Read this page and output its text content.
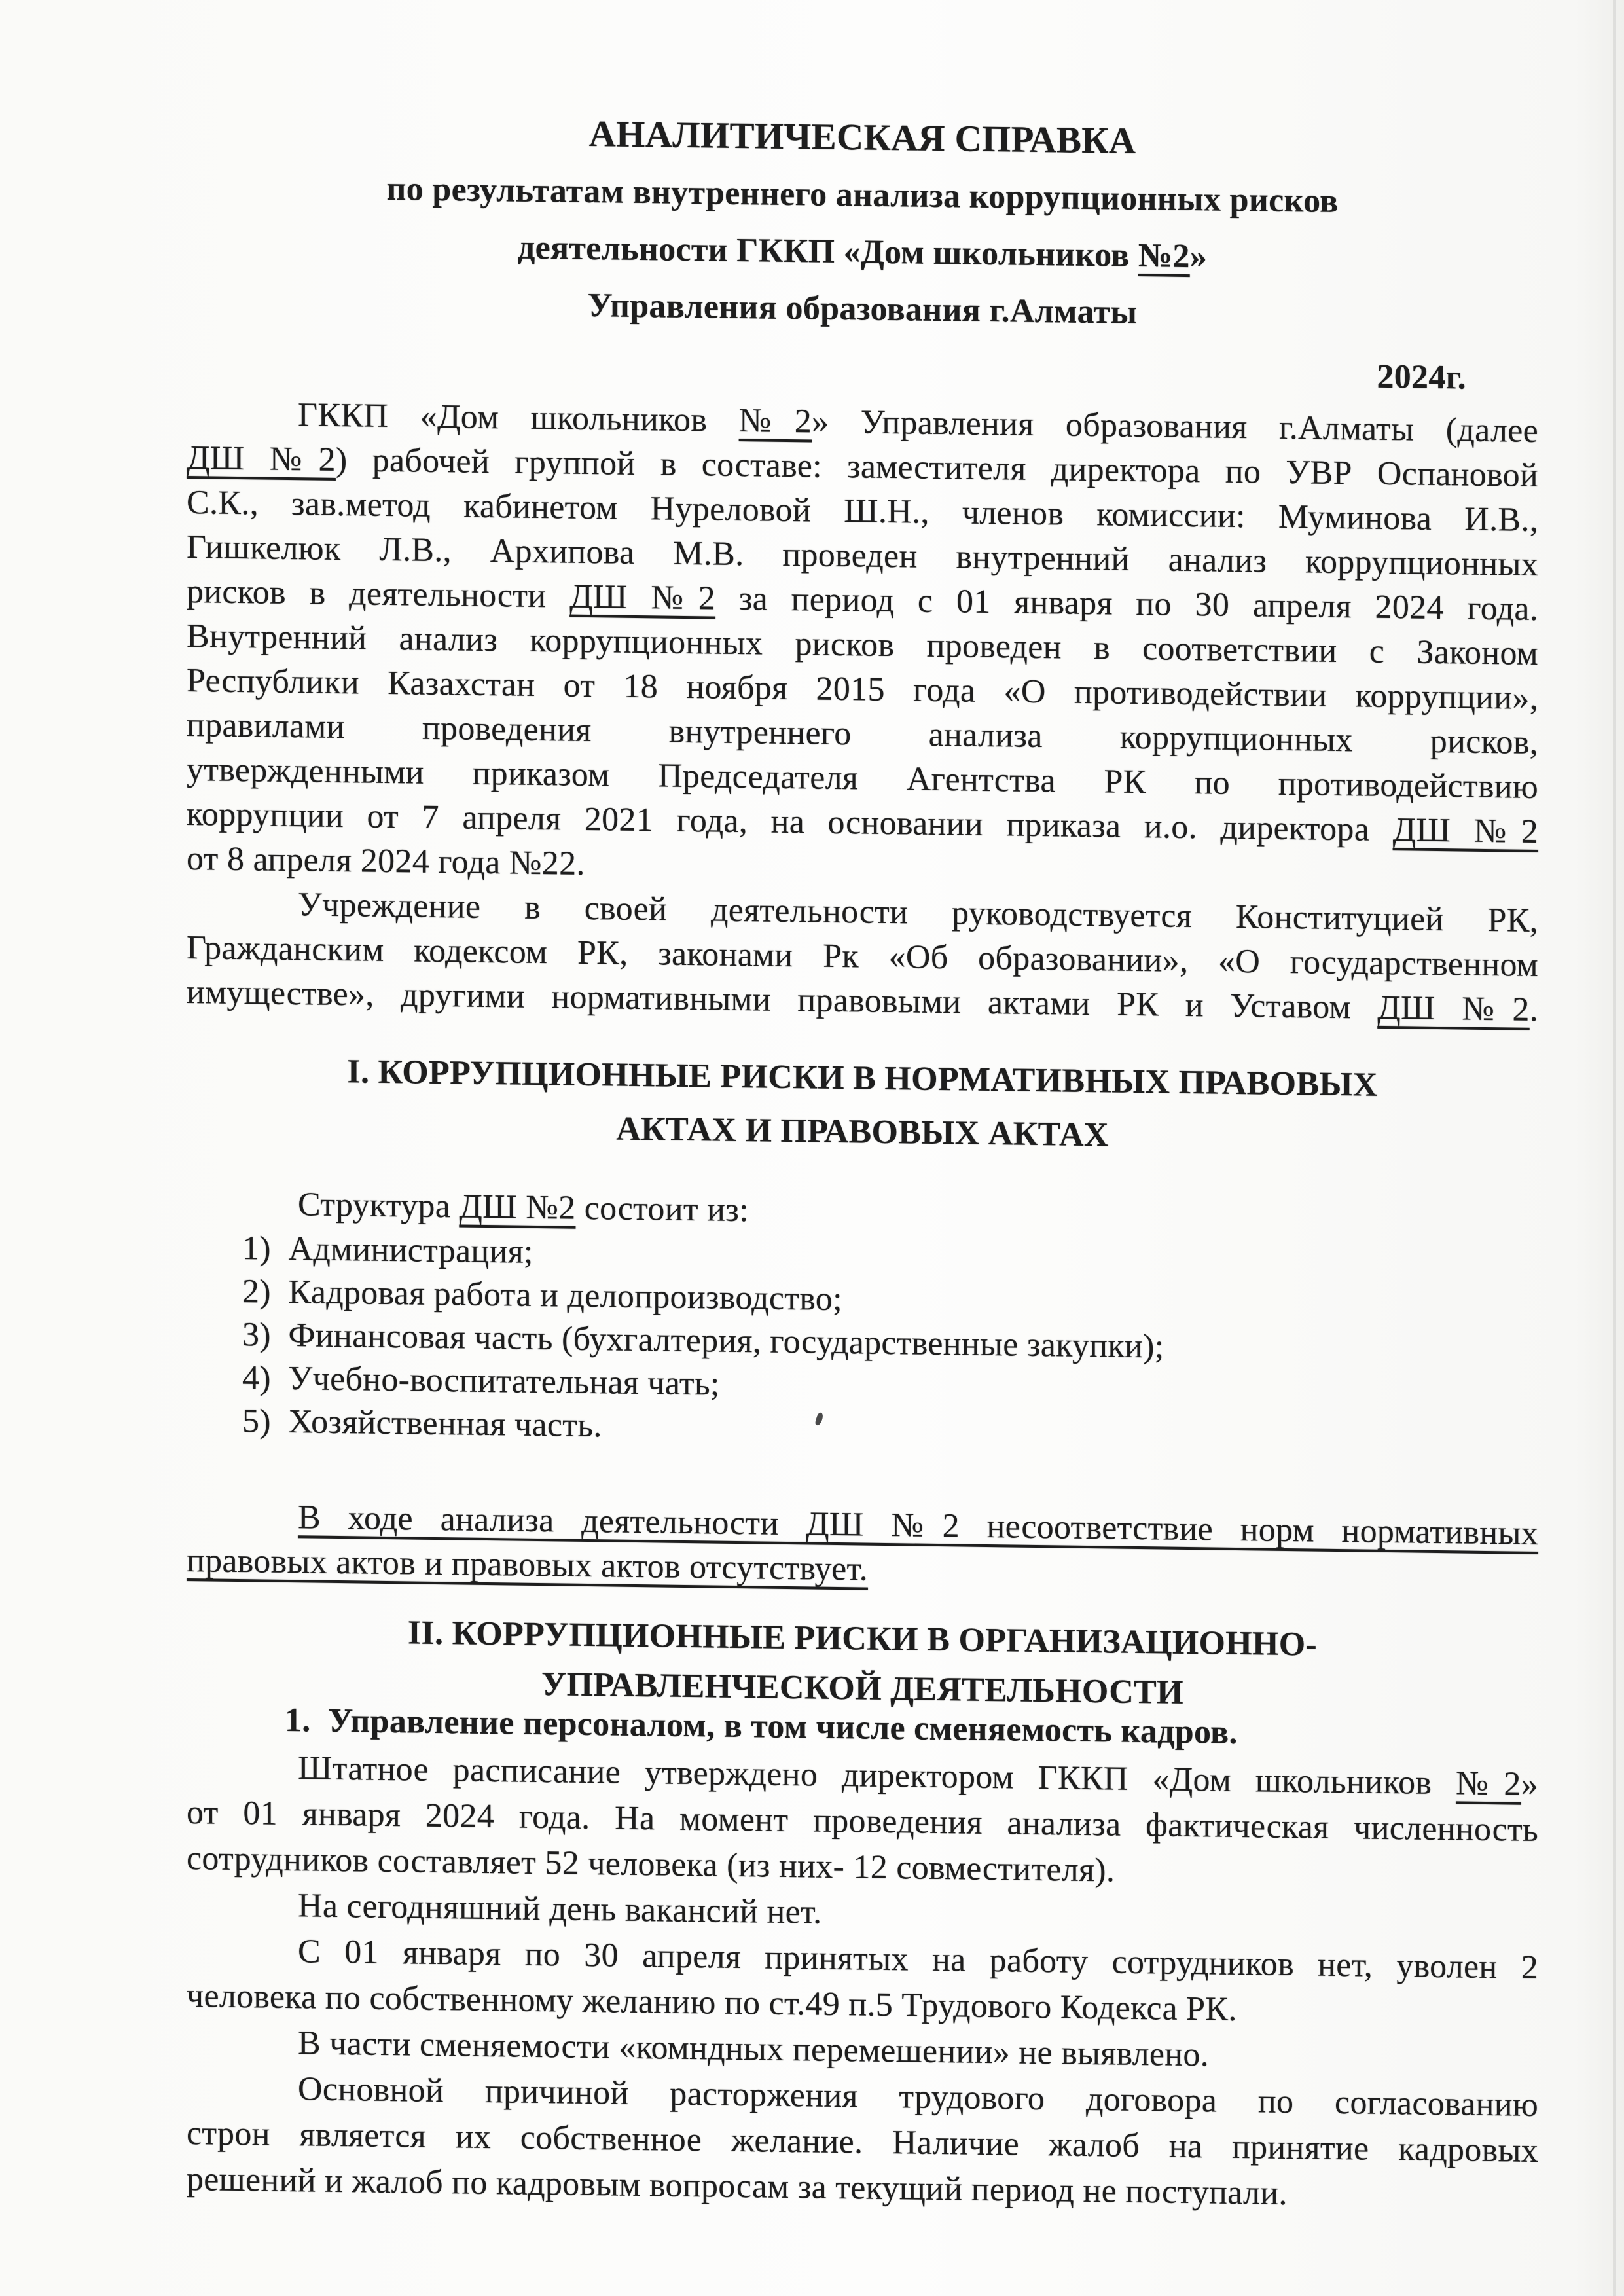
АНАЛИТИЧЕСКАЯ СПРАВКА
по результатам внутреннего анализа коррупционных рисков
деятельности ГККП «Дом школьников №2»
Управления образования г.Алматы
2024г.
ГККП «Дом школьников №2» Управления образования г.Алматы (далее
ДШ №2) рабочей группой в составе: заместителя директора по УВР Оспановой
С.К., зав.метод кабинетом Нуреловой Ш.Н., членов комиссии: Муминова И.В.,
Гишкелюк Л.В., Архипова М.В. проведен внутренний анализ коррупционных
рисков в деятельности ДШ №2 за период с 01 января по 30 апреля 2024 года.
Внутренний анализ коррупционных рисков проведен в соответствии с Законом
Республики Казахстан от 18 ноября 2015 года «О противодействии коррупции»,
правилами проведения внутреннего анализа коррупционных рисков,
утвержденными приказом Председателя Агентства РК по противодействию
коррупции от 7 апреля 2021 года, на основании приказа и.о. директора ДШ №2
от 8 апреля 2024 года №22.
Учреждение в своей деятельности руководствуется Конституцией РК,
Гражданским кодексом РК, законами Рк «Об образовании», «О государственном
имуществе», другими нормативными правовыми актами РК и Уставом ДШ №2.
I. КОРРУПЦИОННЫЕ РИСКИ В НОРМАТИВНЫХ ПРАВОВЫХ
АКТАХ И ПРАВОВЫХ АКТАХ
Структура ДШ №2 состоит из:
1)  Администрация;
2)  Кадровая работа и делопроизводство;
3)  Финансовая часть (бухгалтерия, государственные закупки);
4)  Учебно-воспитательная чать;
5)  Хозяйственная часть.
В ходе анализа деятельности ДШ №2 несоответствие норм нормативных
правовых актов и правовых актов отсутствует.
II. КОРРУПЦИОННЫЕ РИСКИ В ОРГАНИЗАЦИОННО-
УПРАВЛЕНЧЕСКОЙ ДЕЯТЕЛЬНОСТИ
1.  Управление персоналом, в том числе сменяемость кадров.
Штатное расписание утверждено директором ГККП «Дом школьников №2»
от 01 января 2024 года. На момент проведения анализа фактическая численность
сотрудников составляет 52 человека (из них- 12 совместителя).
На сегодняшний день вакансий нет.
С 01 января по 30 апреля принятых на работу сотрудников нет, уволен 2
человека по собственному желанию по ст.49 п.5 Трудового Кодекса РК.
В части сменяемости «комндных перемешении» не выявлено.
Основной причиной расторжения трудового договора по согласованию
строн является их собственное желание. Наличие жалоб на принятие кадровых
решений и жалоб по кадровым вопросам за текущий период не поступали.
